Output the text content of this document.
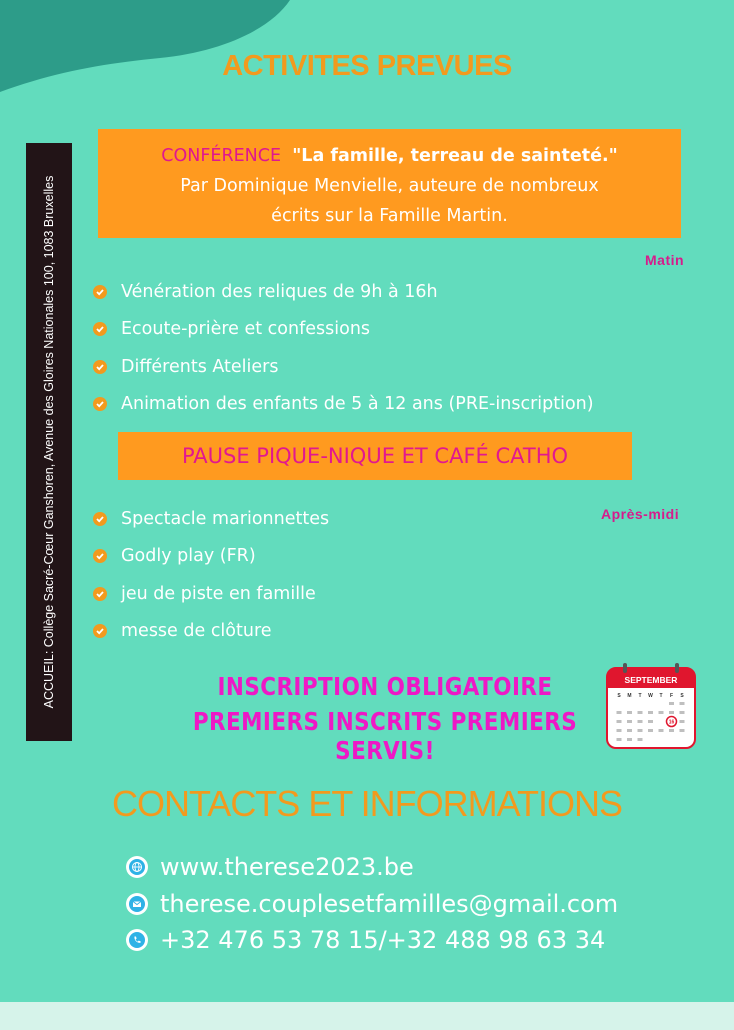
ACTIVITES PREVUES
ACCUEIL: Collège Sacré-Cœur Ganshoren, Avenue des Gloires Nationales 100, 1083 Bruxelles
CONFÉRENCE "La famille, terreau de sainteté."
Par Dominique Menvielle, auteure de nombreux
écrits sur la Famille Martin.
Matin
Vénération des reliques de 9h à 16h
Ecoute-prière et confessions
Différents Ateliers
Animation des enfants de 5 à 12 ans (PRE-inscription)
PAUSE PIQUE-NIQUE ET CAFÉ CATHO
Après-midi
Spectacle marionnettes
Godly play (FR)
jeu de piste en famille
messe de clôture
INSCRIPTION OBLIGATOIRE
PREMIERS INSCRITS PREMIERS SERVIS!
SEPTEMBER
S M T W T F S
16
CONTACTS ET INFORMATIONS
www.therese2023.be
therese.couplesetfamilles@gmail.com
+32 476 53 78 15/+32 488 98 63 34
